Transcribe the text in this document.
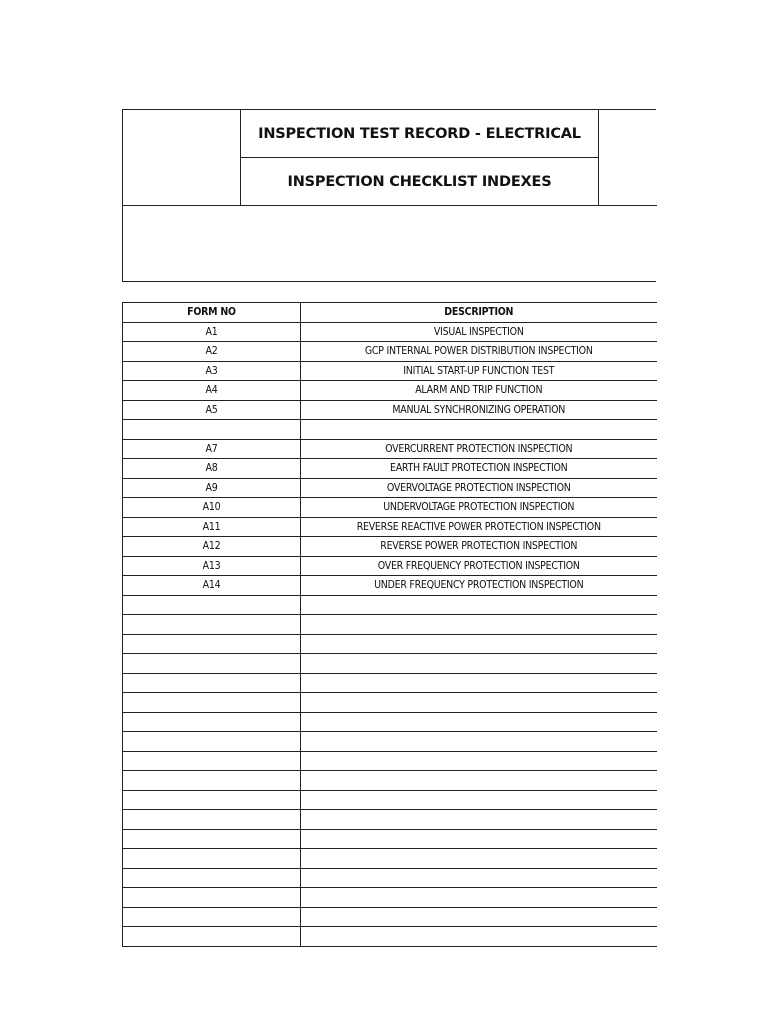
INSPECTION TEST RECORD - ELECTRICAL
INSPECTION CHECKLIST INDEXES
FORM NO	DESCRIPTION
A1	VISUAL INSPECTION
A2	GCP INTERNAL POWER DISTRIBUTION INSPECTION
A3	INITIAL START-UP FUNCTION TEST
A4	ALARM AND TRIP FUNCTION
A5	MANUAL SYNCHRONIZING OPERATION

A7	OVERCURRENT PROTECTION INSPECTION
A8	EARTH FAULT PROTECTION INSPECTION
A9	OVERVOLTAGE PROTECTION INSPECTION
A10	UNDERVOLTAGE PROTECTION INSPECTION
A11	REVERSE REACTIVE POWER PROTECTION INSPECTION
A12	REVERSE POWER PROTECTION INSPECTION
A13	OVER FREQUENCY PROTECTION INSPECTION
A14	UNDER FREQUENCY PROTECTION INSPECTION
